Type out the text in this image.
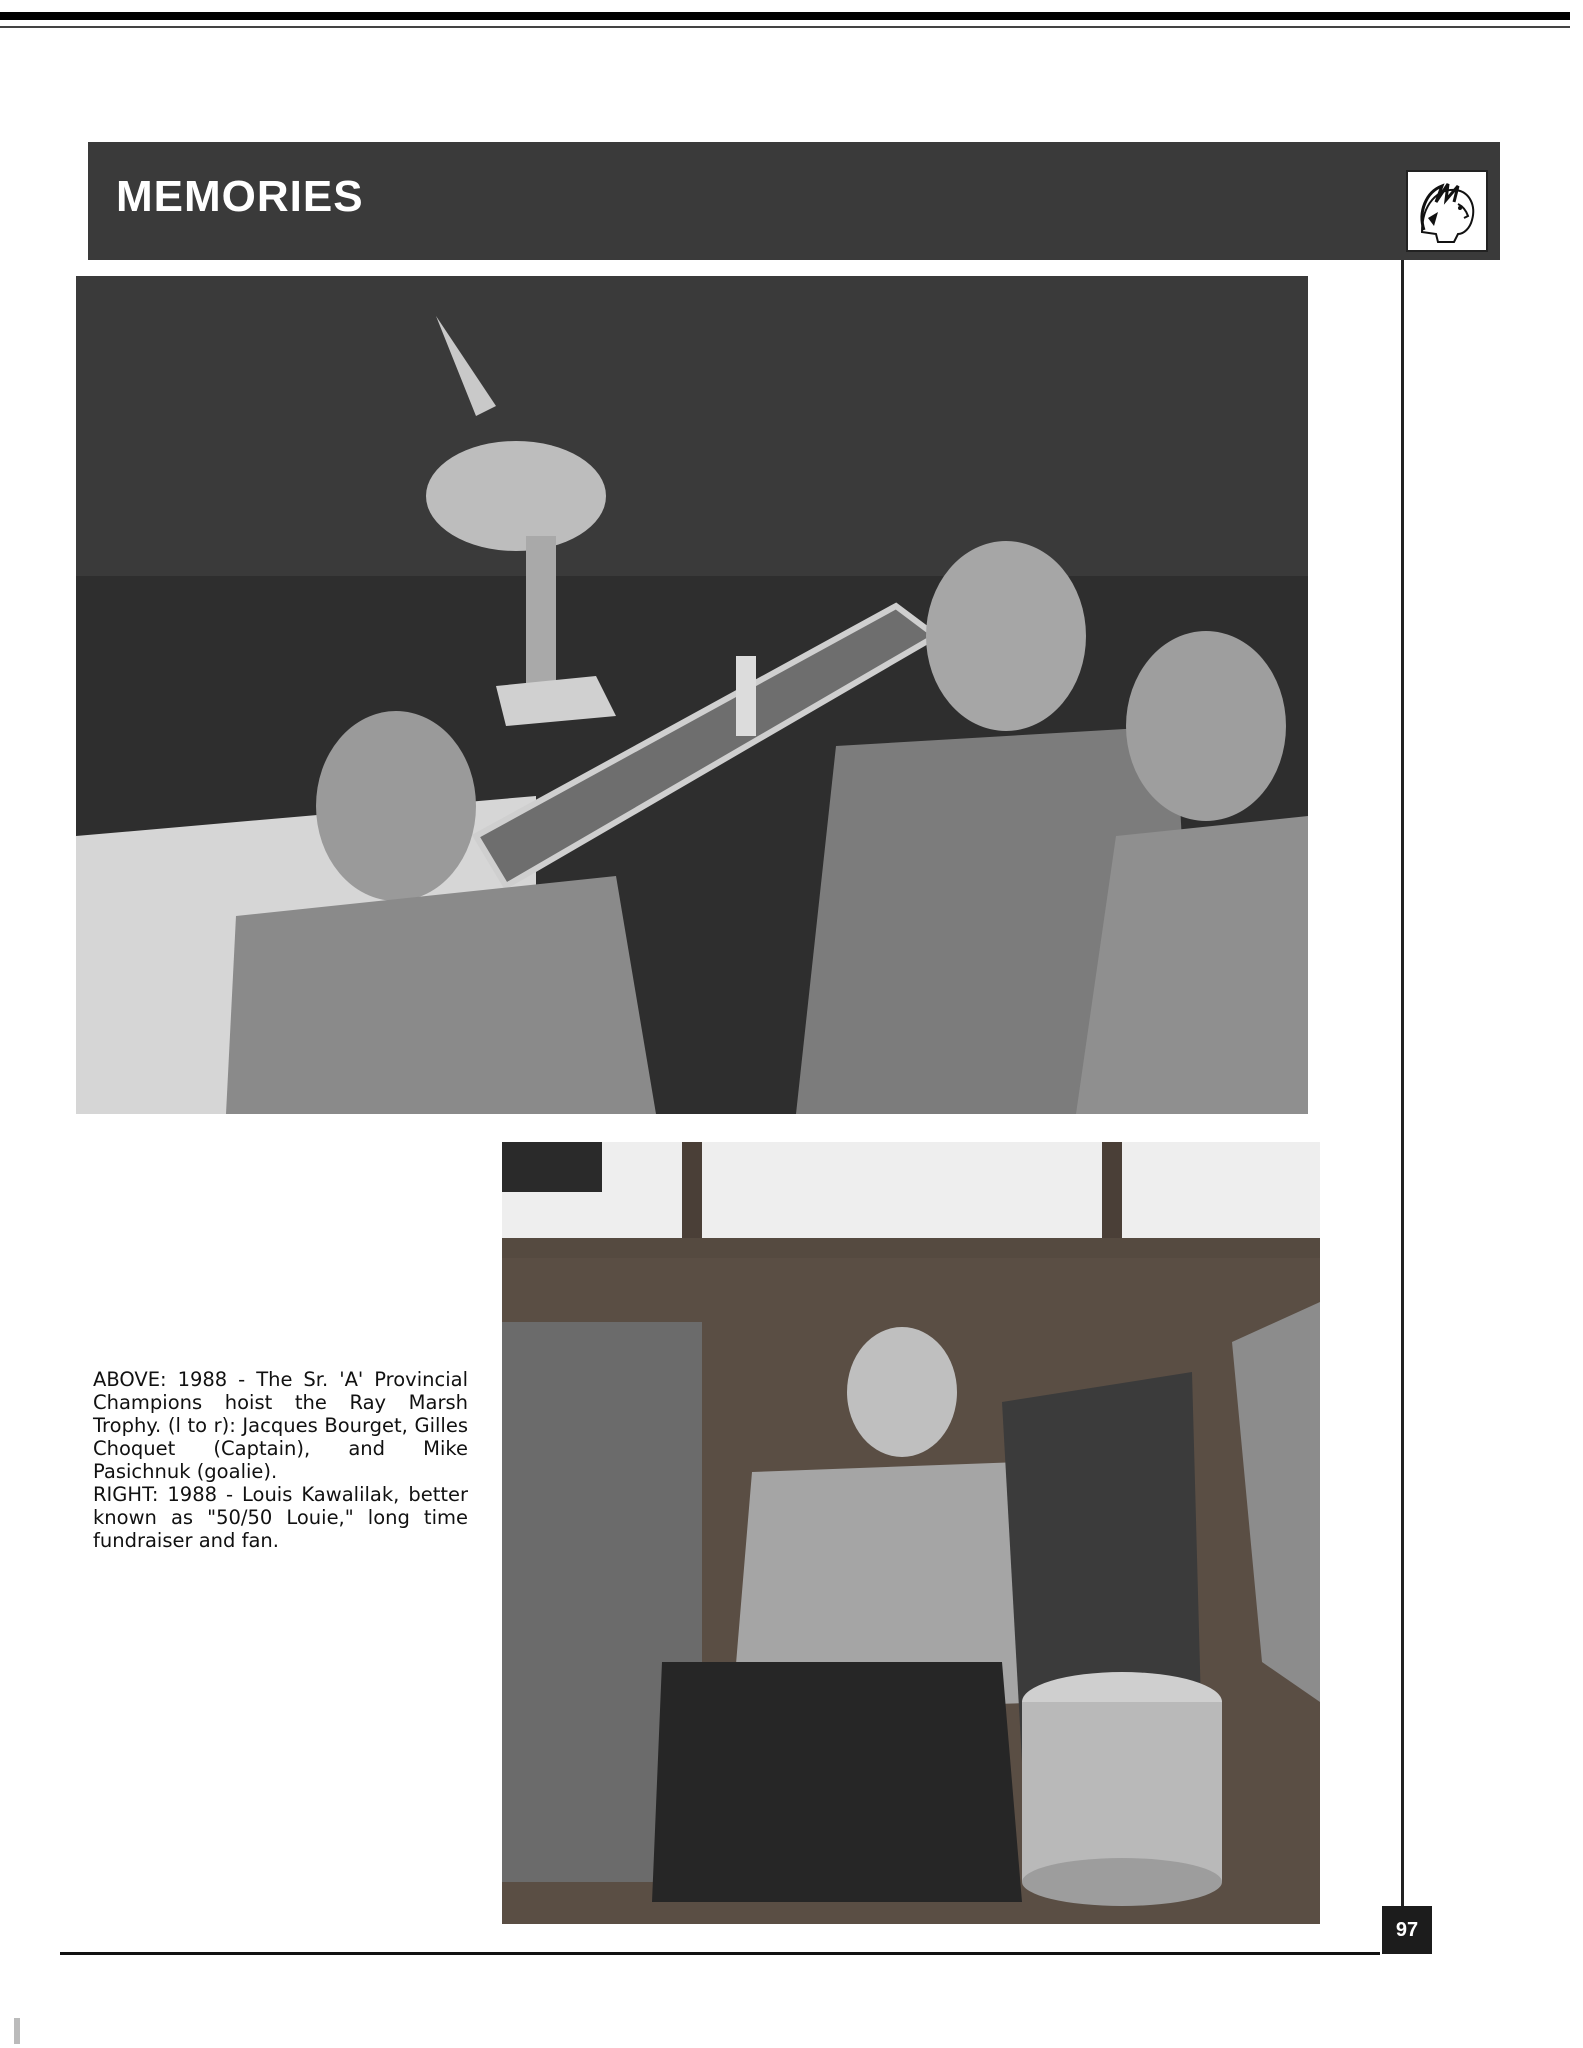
MEMORIES

ABOVE: 1988 - The Sr. 'A' Provincial Champions hoist the Ray Marsh Trophy. (l to r): Jacques Bourget, Gilles Choquet (Captain), and Mike Pasichnuk (goalie).

RIGHT: 1988 - Louis Kawalilak, better known as "50/50 Louie," long time fundraiser and fan.

97
